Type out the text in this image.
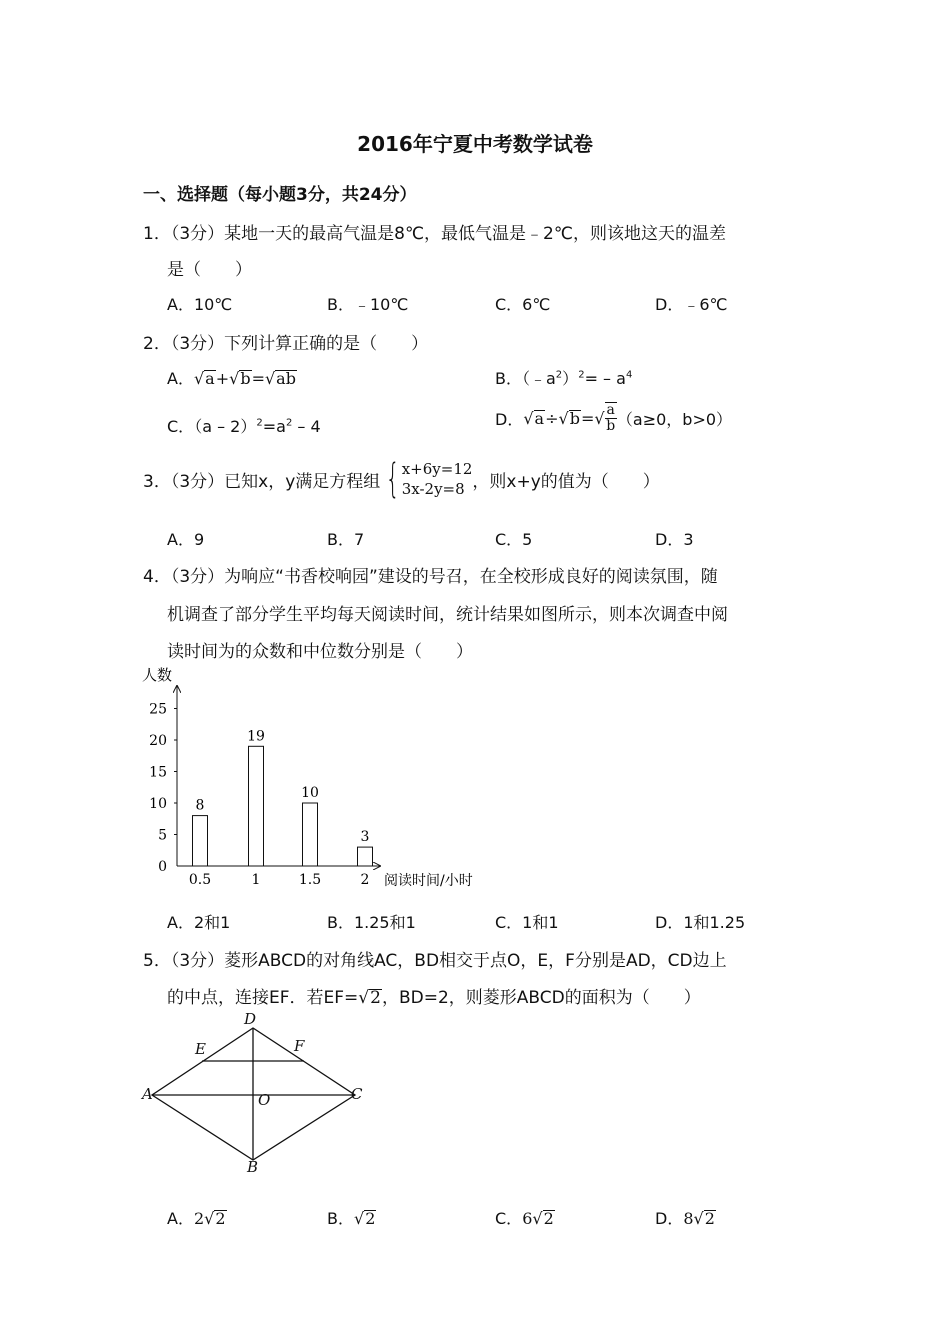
2016年宁夏中考数学试卷
一、选择题（每小题3分，共24分）
1．（3分）某地一天的最高气温是8℃，最低气温是﹣2℃，则该地这天的温差
是（　　）
A．10℃	B．﹣10℃	C．6℃	D．﹣6℃
2．（3分）下列计算正确的是（　　）
A．√a+√b=√ab	B．$(﹣a^2)^2= - a^4$
C．$(a - 2)^2=a^2 - 4$	D．$√a\div√b=√ \frac{a}{b} (a\ge 0$，b>0）
3．（3分）已知x，y满足方程组 { x+6y=12
3x-2y=8 ，则x+y的值为（　　）
A．9	B．7	C．5	D．3
4．（3分）为响应“书香校响园”建设的号召，在全校形成良好的阅读氛围，随
机调查了部分学生平均每天阅读时间，统计结果如图所示，则本次调查中阅
读时间为的众数和中位数分别是（　　）
人数
阅读时间/小时
0
5
10
15
20
25
8
0.5
19
1
10
1.5
3
2
A．2和1	B．1.25和1	C．1和1	D．1和1.25
5．（3分）菱形ABCD的对角线AC，BD相交于点O，E，F分别是AD，CD边上
的中点，连接EF．若EF=√2，BD=2，则菱形ABCD的面积为（　　）
D
E	F
A	O	C
B
A．2√2	B．√2	C．6√2	D．8√2
